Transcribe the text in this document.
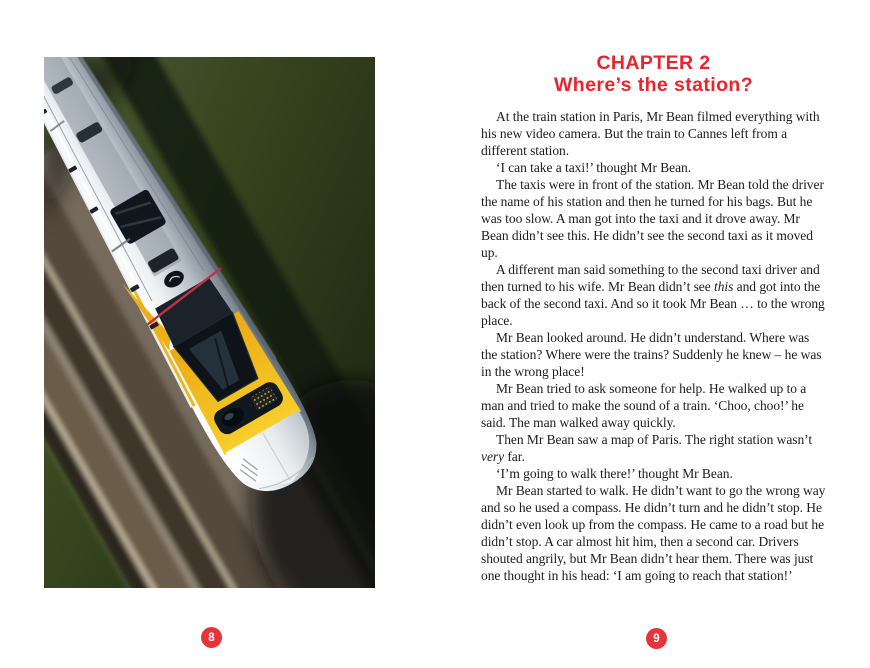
CHAPTER 2
Where’s the station?

At the train station in Paris, Mr Bean filmed everything with his new video camera. But the train to Cannes left from a different station.

‘I can take a taxi!’ thought Mr Bean.

The taxis were in front of the station. Mr Bean told the driver the name of his station and then he turned for his bags. But he was too slow. A man got into the taxi and it drove away. Mr Bean didn’t see this. He didn’t see the second taxi as it moved up.

A different man said something to the second taxi driver and then turned to his wife. Mr Bean didn’t see this and got into the back of the second taxi. And so it took Mr Bean … to the wrong place.

Mr Bean looked around. He didn’t understand. Where was the station? Where were the trains? Suddenly he knew – he was in the wrong place!

Mr Bean tried to ask someone for help. He walked up to a man and tried to make the sound of a train. ‘Choo, choo!’ he said. The man walked away quickly.

Then Mr Bean saw a map of Paris. The right station wasn’t very far.

‘I’m going to walk there!’ thought Mr Bean.

Mr Bean started to walk. He didn’t want to go the wrong way and so he used a compass. He didn’t turn and he didn’t stop. He didn’t even look up from the compass. He came to a road but he didn’t stop. A car almost hit him, then a second car. Drivers shouted angrily, but Mr Bean didn’t hear them. There was just one thought in his head: ‘I am going to reach that station!’

8	9
